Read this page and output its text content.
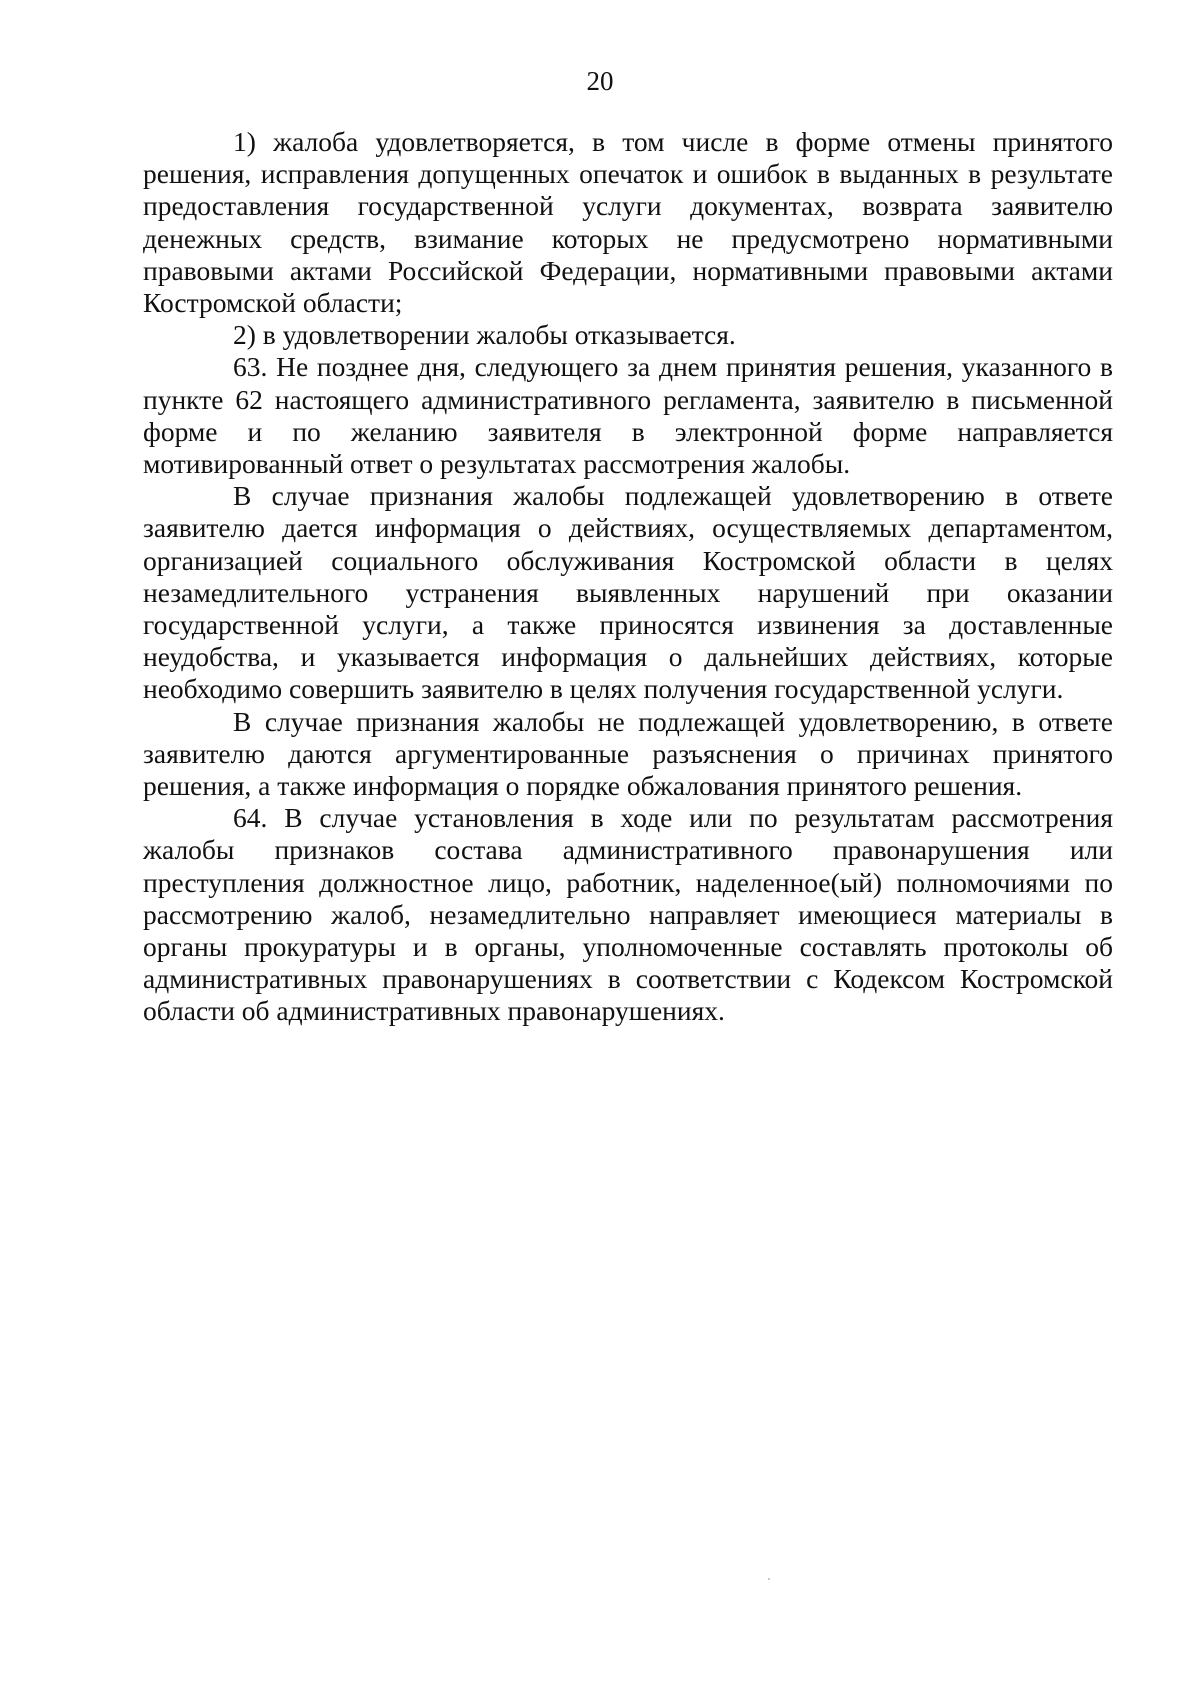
20

1) жалоба удовлетворяется, в том числе в форме отмены принятого решения, исправления допущенных опечаток и ошибок в выданных в результате предоставления государственной услуги документах, возврата заявителю денежных средств, взимание которых не предусмотрено нормативными правовыми актами Российской Федерации, нормативными правовыми актами Костромской области;

2) в удовлетворении жалобы отказывается.

63. Не позднее дня, следующего за днем принятия решения, указанного в пункте 62 настоящего административного регламента, заявителю в письменной форме и по желанию заявителя в электронной форме направляется мотивированный ответ о результатах рассмотрения жалобы.

В случае признания жалобы подлежащей удовлетворению в ответе заявителю дается информация о действиях, осуществляемых департаментом, организацией социального обслуживания Костромской области в целях незамедлительного устранения выявленных нарушений при оказании государственной услуги, а также приносятся извинения за доставленные неудобства, и указывается информация о дальнейших действиях, которые необходимо совершить заявителю в целях получения государственной услуги.

В случае признания жалобы не подлежащей удовлетворению, в ответе заявителю даются аргументированные разъяснения о причинах принятого решения, а также информация о порядке обжалования принятого решения.

64. В случае установления в ходе или по результатам рассмотрения жалобы признаков состава административного правонарушения или преступления должностное лицо, работник, наделенное(ый) полномочиями по рассмотрению жалоб, незамедлительно направляет имеющиеся материалы в органы прокуратуры и в органы, уполномоченные составлять протоколы об административных правонарушениях в соответствии с Кодексом Костромской области об административных правонарушениях.
